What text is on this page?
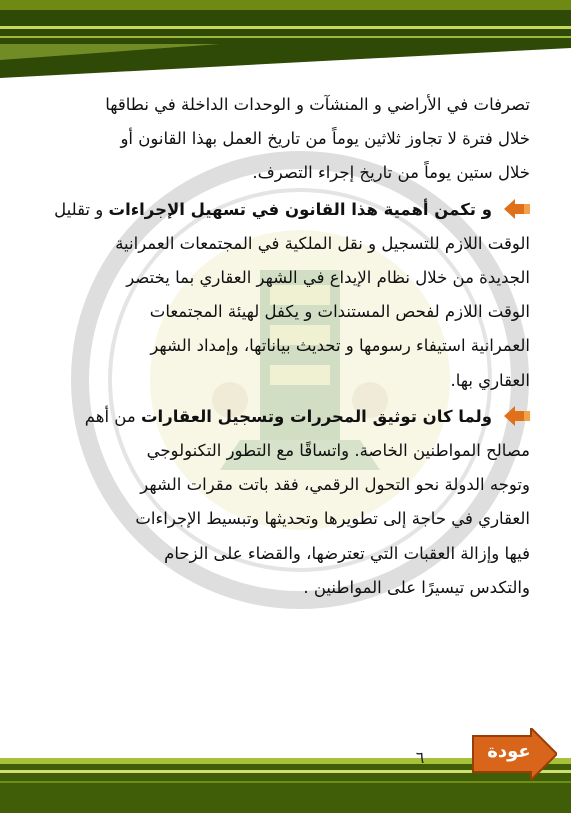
تصرفات في الأراضي و المنشآت و الوحدات الداخلة في نطاقها

خلال فترة لا تجاوز ثلاثين يوماً من تاريخ العمل بهذا القانون أو

خلال ستين يوماً من تاريخ إجراء التصرف.

و تكمن أهمية هذا القانون في تسهيل الإجراءات و تقليل

الوقت اللازم للتسجيل و نقل الملكية في المجتمعات العمرانية

الجديدة من خلال نظام الإيداع في الشهر العقاري بما يختصر

الوقت اللازم لفحص المستندات و يكفل لهيئة المجتمعات

العمرانية استيفاء رسومها و تحديث بياناتها، وإمداد الشهر

العقاري بها.

ولما كان توثيق المحررات وتسجيل العقارات من أهم

مصالح المواطنين الخاصة. واتساقًا مع التطور التكنولوجي

وتوجه الدولة نحو التحول الرقمي، فقد باتت مقرات الشهر

العقاري في حاجة إلى تطويرها وتحديثها وتبسيط الإجراءات

فيها وإزالة العقبات التي تعترضها، والقضاء على الزحام

والتكدس تيسيرًا على المواطنين .

٦	عودة
